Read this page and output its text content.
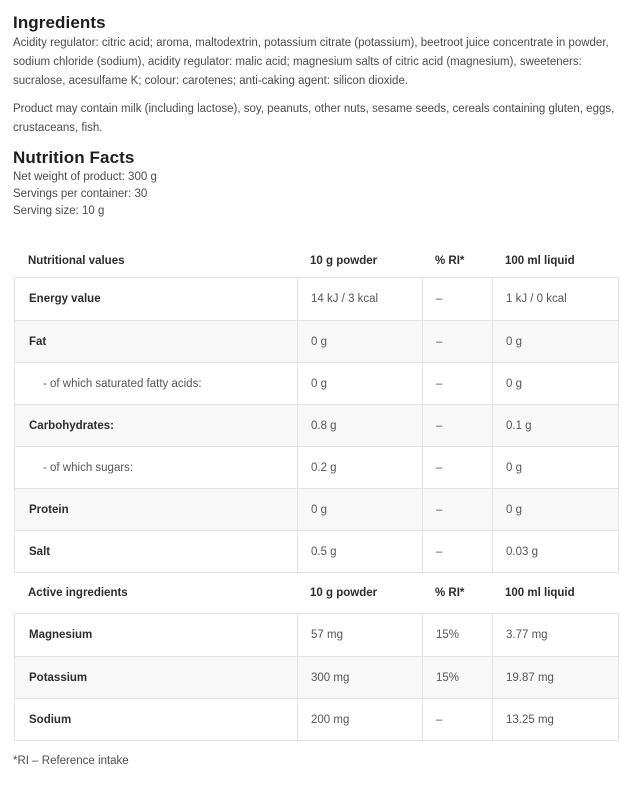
Ingredients

Acidity regulator: citric acid; aroma, maltodextrin, potassium citrate (potassium), beetroot juice concentrate in powder, sodium chloride (sodium), acidity regulator: malic acid; magnesium salts of citric acid (magnesium), sweeteners: sucralose, acesulfame K; colour: carotenes; anti-caking agent: silicon dioxide.

Product may contain milk (including lactose), soy, peanuts, other nuts, sesame seeds, cereals containing gluten, eggs, crustaceans, fish.

Nutrition Facts
Net weight of product: 300 g
Servings per container: 30
Serving size: 10 g
Nutritional values	10 g powder	% RI*	100 ml liquid
Energy value	14 kJ / 3 kcal	–	1 kJ / 0 kcal
Fat	0 g	–	0 g
- of which saturated fatty acids:	0 g	–	0 g
Carbohydrates:	0.8 g	–	0.1 g
- of which sugars:	0.2 g	–	0 g
Protein	0 g	–	0 g
Salt	0.5 g	–	0.03 g
Active ingredients	10 g powder	% RI*	100 ml liquid
Magnesium	57 mg	15%	3.77 mg
Potassium	300 mg	15%	19.87 mg
Sodium	200 mg	–	13.25 mg
*RI – Reference intake
